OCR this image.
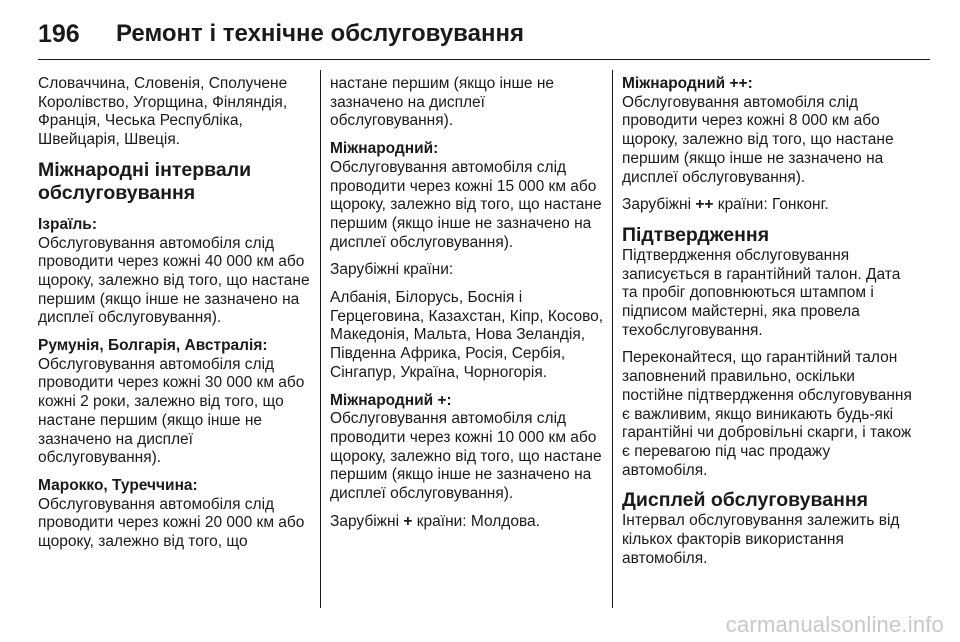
196	Ремонт і технічне обслуговування

Словаччина, Словенія, Сполучене Королівство, Угорщина, Фінляндія, Франція, Чеська Республіка, Швейцарія, Швеція.

Міжнародні інтервали обслуговування
Ізраїль:

Обслуговування автомобіля слід проводити через кожні 40 000 км або щороку, залежно від того, що настане першим (якщо інше не зазначено на дисплеї обслуговування).

Румунія, Болгарія, Австралія:

Обслуговування автомобіля слід проводити через кожні 30 000 км або кожні 2 роки, залежно від того, що настане першим (якщо інше не зазначено на дисплеї обслуговування).

Марокко, Туреччина:

Обслуговування автомобіля слід проводити через кожні 20 000 км або щороку, залежно від того, що

настане першим (якщо інше не зазначено на дисплеї обслуговування).

Міжнародний:

Обслуговування автомобіля слід проводити через кожні 15 000 км або щороку, залежно від того, що настане першим (якщо інше не зазначено на дисплеї обслуговування).

Зарубіжні країни:

Албанія, Білорусь, Боснія і Герцеговина, Казахстан, Кіпр, Косово, Македонія, Мальта, Нова Зеландія, Південна Африка, Росія, Сербія, Сінгапур, Україна, Чорногорія.

Міжнародний +:

Обслуговування автомобіля слід проводити через кожні 10 000 км або щороку, залежно від того, що настане першим (якщо інше не зазначено на дисплеї обслуговування).

Зарубіжні + країни: Молдова.

Міжнародний ++:

Обслуговування автомобіля слід проводити через кожні 8 000 км або щороку, залежно від того, що настане першим (якщо інше не зазначено на дисплеї обслуговування).

Зарубіжні ++ країни: Гонконг.

Підтвердження

Підтвердження обслуговування записується в гарантійний талон. Дата та пробіг доповнюються штампом і підписом майстерні, яка провела техобслуговування.

Переконайтеся, що гарантійний талон заповнений правильно, оскільки постійне підтвердження обслуговування є важливим, якщо виникають будь-які гарантійні чи добровільні скарги, і також є перевагою під час продажу автомобіля.

Дисплей обслуговування

Інтервал обслуговування залежить від кількох факторів використання автомобіля.

carmanualsonline.info
